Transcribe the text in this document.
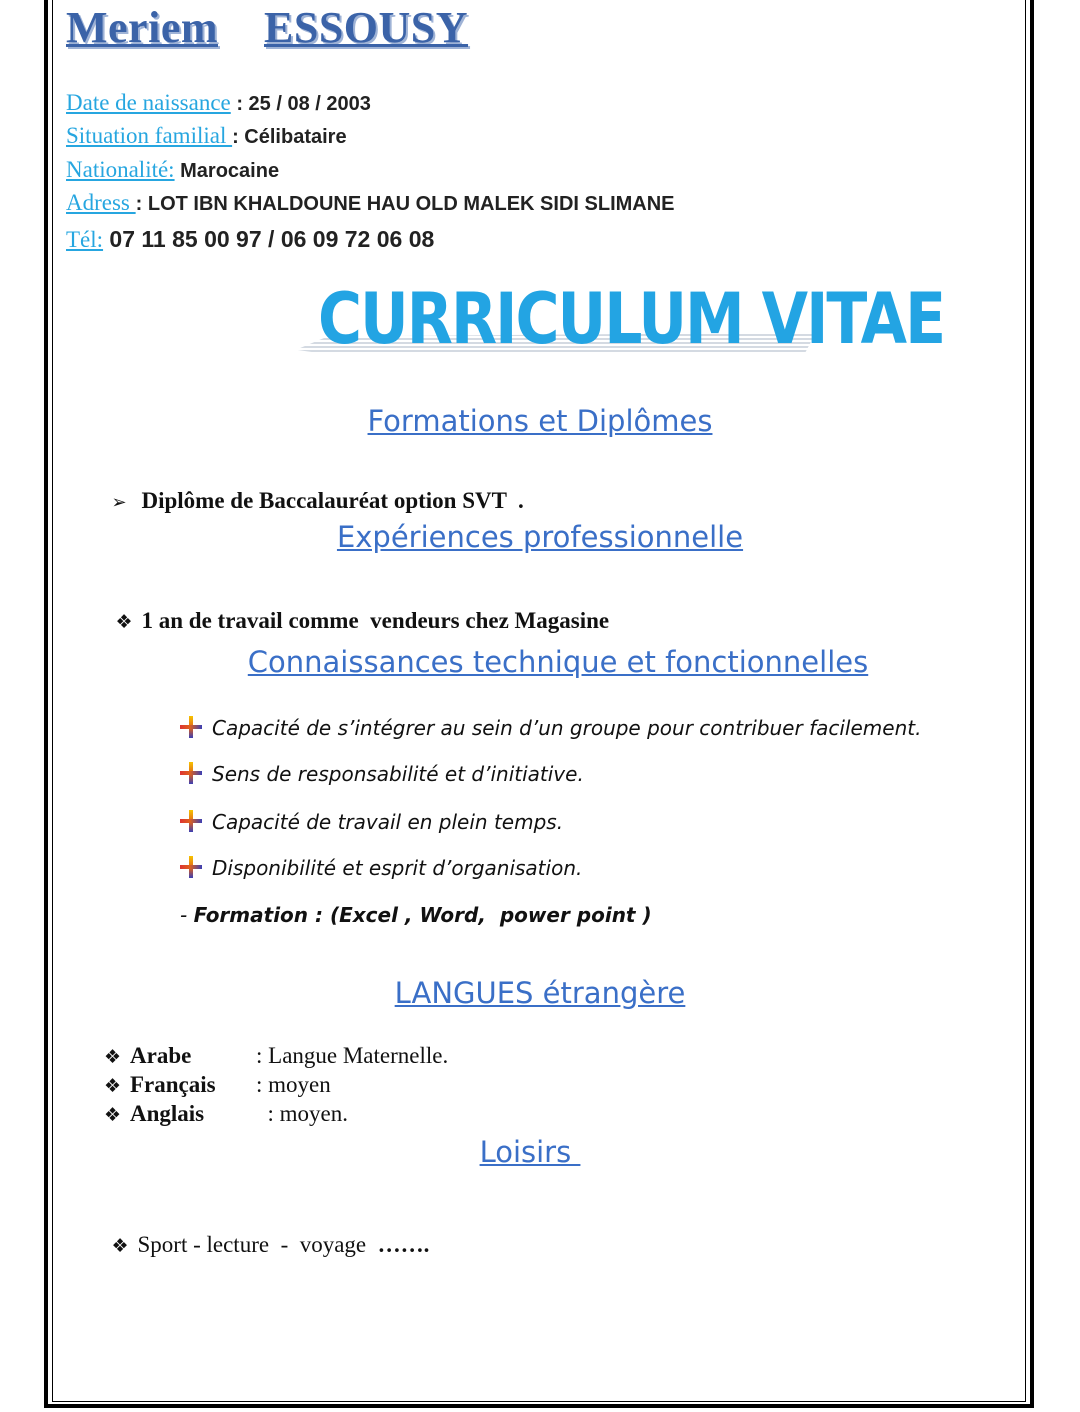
Meriem ESSOUSY
Date de naissance : 25 / 08 / 2003
Situation familial : Célibataire
Nationalité: Marocaine
Adress : LOT IBN KHALDOUNE HAU OLD MALEK SIDI SLIMANE
Tél: 07 11 85 00 97 / 06 09 72 06 08
CURRICULUM VITAE
Formations et Diplômes

➢ Diplôme de Baccalauréat option SVT  .

Expériences professionnelle

❖ 1 an de travail comme  vendeurs chez Magasine

Connaissances technique et fonctionnelles
Capacité de s’intégrer au sein d’un groupe pour contribuer facilement.
Sens de responsabilité et d’initiative.
Capacité de travail en plein temps.
Disponibilité et esprit d’organisation.
- Formation : (Excel , Word,  power point )
LANGUES étrangère
❖ Arabe	: Langue Maternelle.
❖ Français : moyen
❖ Anglais  : moyen.
Loisirs

❖ Sport - lecture  -  voyage  …….
